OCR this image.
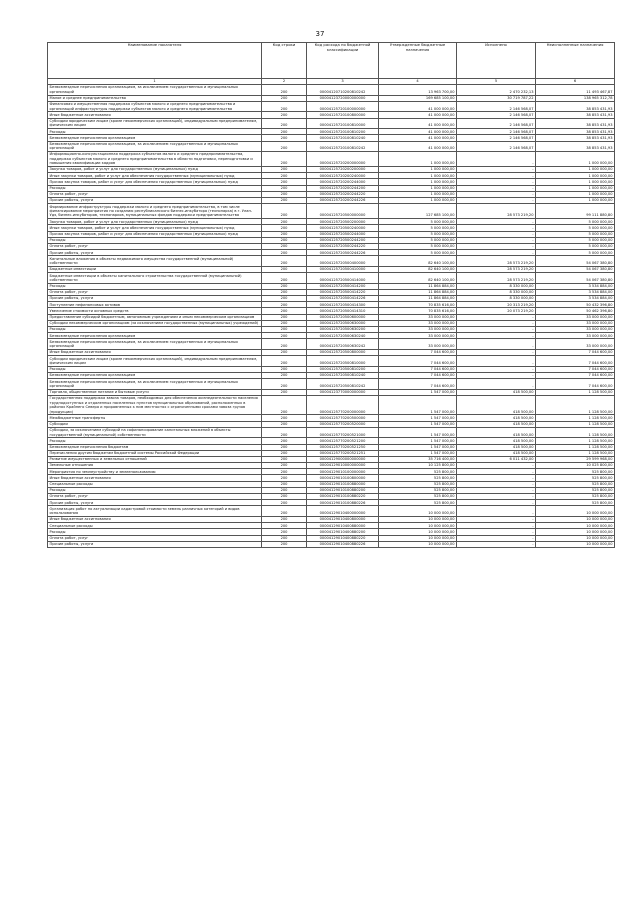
37
Наименование показателя	Код строки	Код расхода по бюджетной классификации	Утвержденные бюджетные назначения	Исполнено	Неисполненные назначения
1	2	3	4	5	6
Безвозмездные перечисления организациям, за исключением государственных и муниципальных организаций	200	00004120710200810242	13 963 700,00	2 470 232,13	11 493 467,87
Малое и среднее предпринимательство	200	00004123720000000000	169 685 100,00	30 719 787,22	138 965 312,78
Финансовая и имущественная поддержка субъектов малого и среднего предпринимательства и организаций инфраструктуры поддержки субъектов малого и среднего предпринимательства	200	00004125720100000000	41 000 000,00	2 146 568,07	38 853 431,93
Иные бюджетные ассигнования	200	00004125720100800000	41 000 000,00	2 146 568,07	38 853 431,93
Субсидии юридическим лицам (кроме некоммерческих организаций), индивидуальным предпринимателям, физическим лицам	200	00004125720100810000	41 000 000,00	2 146 568,07	38 853 431,93
Расходы	200	00004125720100810200	41 000 000,00	2 146 568,07	38 853 431,93
Безвозмездные перечисления организациям	200	00004125720100810240	41 000 000,00	2 146 568,07	38 853 431,93
Безвозмездные перечисления организациям, за исключением государственных и муниципальных организаций	200	00004125720100810242	41 000 000,00	2 146 568,07	38 853 431,93
Информационно-консультационная поддержка субъектов малого и среднего предпринимательства, поддержка субъектов малого и среднего предпринимательства в области подготовки, переподготовки и повышения квалификации кадров	200	00004125720200000000	1 000 000,00	-	1 000 000,00
Закупка товаров, работ и услуг для государственных (муниципальных) нужд	200	00004125720200200000	1 000 000,00	-	1 000 000,00
Иные закупки товаров, работ и услуг для обеспечения государственных (муниципальных) нужд	200	00004125720200240000	1 000 000,00	-	1 000 000,00
Прочая закупка товаров, работ и услуг для обеспечения государственных (муниципальных) нужд	200	00004125720200244000	1 000 000,00	-	1 000 000,00
Расходы	200	00004125720200244200	1 000 000,00	-	1 000 000,00
Оплата работ, услуг	200	00004125720200244220	1 000 000,00	-	1 000 000,00
Прочие работы, услуги	200	00004125720200244226	1 000 000,00	-	1 000 000,00
Формирование инфраструктуры поддержки малого и среднего предпринимательства, в том числе финансирование мероприятия по созданию республиканского бизнес-инкубатора (технопарка) в г. Улан-Удэ, бизнес-инкубаторов, технопарков, муниципальных фондов поддержки предпринимательства	200	00004125720500000000	127 685 100,00	28 573 219,20	99 111 880,80
Закупка товаров, работ и услуг для государственных (муниципальных) нужд	200	00004125720500200000	5 000 000,00	-	5 000 000,00
Иные закупки товаров, работ и услуг для обеспечения государственных (муниципальных) нужд	200	00004125720500240000	5 000 000,00	-	5 000 000,00
Прочая закупка товаров, работ и услуг для обеспечения государственных (муниципальных) нужд	200	00004125720500244000	5 000 000,00	-	5 000 000,00
Расходы	200	00004125720500244200	5 000 000,00	-	5 000 000,00
Оплата работ, услуг	200	00004125720500244220	5 000 000,00	-	5 000 000,00
Прочие работы, услуги	200	00004125720500244226	5 000 000,00	-	5 000 000,00
Капитальные вложения в объекты недвижимого имущества государственной (муниципальной) собственности	200	00004125720500400000	82 640 100,00	28 573 219,20	54 067 380,80
Бюджетные инвестиции	200	00004125720500410000	82 640 100,00	28 573 219,20	54 067 380,80
Бюджетные инвестиции в объекты капитального строительства государственной (муниципальной) собственности	200	00004125720500414000	82 640 100,00	28 573 219,20	54 067 380,80
Расходы	200	00004125720500414200	11 864 884,00	8 330 000,00	3 534 884,00
Оплата работ, услуг	200	00004125720500414220	11 864 884,00	8 330 000,00	3 534 884,00
Прочие работы, услуги	200	00004125720500414226	11 864 884,00	8 330 000,00	3 534 884,00
Поступление нефинансовых активов	200	00004125720500414300	70 835 616,00	20 313 219,20	50 432 396,80
Увеличение стоимости основных средств	200	00004125720500414310	70 835 616,00	20 073 219,20	50 462 396,80
Предоставление субсидий бюджетным, автономным учреждениям и иным некоммерческим организациям	200	00004125720500600000	33 000 000,00	-	33 000 000,00
Субсидии некоммерческим организациям (за исключением государственных (муниципальных) учреждений)	200	00004125720500630000	33 000 000,00	-	33 000 000,00
Расходы	200	00004125720500630200	33 000 000,00	-	33 000 000,00
Безвозмездные перечисления организациям	200	00004125720500630240	33 000 000,00	-	33 000 000,00
Безвозмездные перечисления организациям, за исключением государственных и муниципальных организаций	200	00004125720500630242	33 000 000,00	-	33 000 000,00
Иные бюджетные ассигнования	200	00004125720500800000	7 044 600,00	-	7 044 600,00
Субсидии юридическим лицам (кроме некоммерческих организаций), индивидуальным предпринимателям, физическим лицам	200	00004125720500810000	7 044 600,00	-	7 044 600,00
Расходы	200	00004125720500810200	7 044 600,00	-	7 044 600,00
Безвозмездные перечисления организациям	200	00004125720500810240	7 044 600,00	-	7 044 600,00
Безвозмездные перечисления организациям, за исключением государственных и муниципальных организаций	200	00004125720500810242	7 044 600,00	-	7 044 600,00
Торговля, общественное питание и бытовые услуги	200	00004123770000000000	1 547 000,00	418 500,00	1 128 500,00
Государственная поддержка завоза товаров, необходимых для обеспечения жизнедеятельности населения труднодоступных и отдаленных населенных пунктов муниципальных образований, расположенных в районах Крайнего Севера и приравненных к ним местностях с ограниченными сроками завоза грузов (продукции)	200	00004125770200000000	1 547 000,00	418 500,00	1 128 500,00
Межбюджетные трансферты	200	00004125770200500000	1 547 000,00	418 500,00	1 128 500,00
Субсидии	200	00004125770200520000	1 547 000,00	418 500,00	1 128 500,00
Субсидии, за исключением субсидий на софинансирование капитальных вложений в объекты государственной (муниципальной) собственности	200	00004125770200521000	1 547 000,00	418 500,00	1 128 500,00
Расходы	200	00004125770200521200	1 547 000,00	418 500,00	1 128 500,00
Безвозмездные перечисления бюджетам	200	00004125770200521250	1 547 000,00	418 500,00	1 128 500,00
Перечисления другим бюджетам бюджетной системы Российской Федерации	200	00004125770200521251	1 547 000,00	418 500,00	1 128 500,00
Развитие имущественных и земельных отношений	200	00004129000000000000	35 716 400,00	6 011 432,00	29 599 968,00
Земельные отношения	200	00004129010000000000	10 125 800,00	-	10 025 800,00
Мероприятия по землеустройству и землепользованию	200	00004129010100000000	525 800,00	-	525 800,00
Иные бюджетные ассигнования	200	00004129010100800000	525 800,00	-	525 800,00
Специальные расходы	200	00004129010100880000	525 800,00	-	525 800,00
Расходы	200	00004129010100880200	525 800,00	-	525 800,00
Оплата работ, услуг	200	00004129010100880220	525 800,00	-	525 800,00
Прочие работы, услуги	200	00004129010100880226	525 800,00	-	525 800,00
Организация работ по актуализации кадастровой стоимости земель различных категорий и видов использования	200	00004129010400000000	10 000 000,00	-	10 000 000,00
Иные бюджетные ассигнования	200	00004129010400800000	10 000 000,00	-	10 000 000,00
Специальные расходы	200	00004129010400880000	10 000 000,00	-	10 000 000,00
Расходы	200	00004129010400880200	10 000 000,00	-	10 000 000,00
Оплата работ, услуг	200	00004129010400880220	10 000 000,00	-	10 000 000,00
Прочие работы, услуги	200	00004129010400880226	10 000 000,00	-	10 000 000,00
